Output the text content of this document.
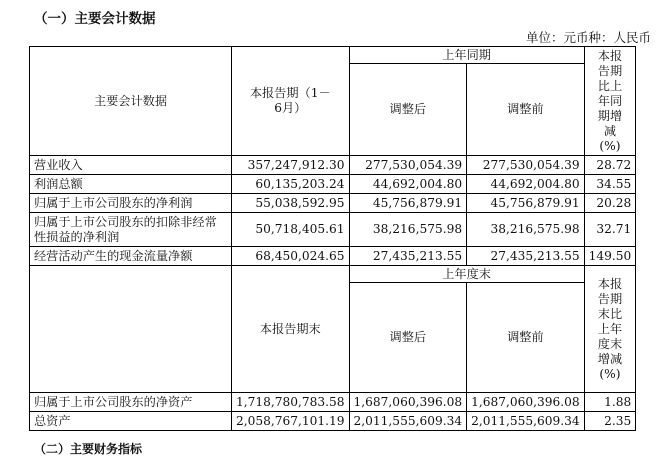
（一）主要会计数据
单位：元币种：人民币
主要会计数据	本报告期（1－6月）	上年同期		本报告期比上年同期增减(%)

		调整后	调整前	
营业收入	357,247,912.30	277,530,054.39	277,530,054.39	28.72
利润总额	60,135,203.24	44,692,004.80	44,692,004.80	34.55
归属于上市公司股东的净利润	55,038,592.95	45,756,879.91	45,756,879.91	20.28
归属于上市公司股东的扣除非经常性损益的净利润	50,718,405.61	38,216,575.98	38,216,575.98	32.71
经营活动产生的现金流量净额	68,450,024.65	27,435,213.55	27,435,213.55	149.50
	本报告期末	上年度末		本报告期末比上年度末增减(%)

		调整后	调整前	
归属于上市公司股东的净资产	1,718,780,783.58	1,687,060,396.08	1,687,060,396.08	1.88
总资产	2,058,767,101.19	2,011,555,609.34	2,011,555,609.34	2.35
（二）主要财务指标
